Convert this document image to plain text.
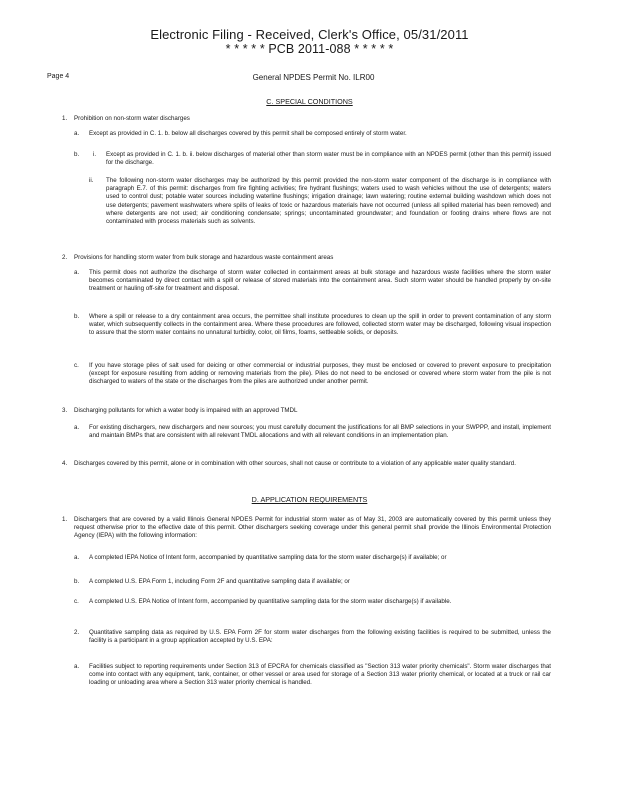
Electronic Filing - Received, Clerk's Office, 05/31/2011
* * * * * PCB 2011-088 * * * * *
Page 4	General NPDES Permit No. ILR00
C. SPECIAL CONDITIONS
1. Prohibition on non-storm water discharges
a. Except as provided in C. 1. b. below all discharges covered by this permit shall be composed entirely of storm water.
b. i. Except as provided in C. 1. b. ii. below discharges of material other than storm water must be in compliance with an NPDES permit (other than this permit) issued for the discharge.
ii. The following non-storm water discharges may be authorized by this permit provided the non-storm water component of the discharge is in compliance with paragraph E.7. of this permit: discharges from fire fighting activities; fire hydrant flushings; waters used to wash vehicles without the use of detergents; waters used to control dust; potable water sources including waterline flushings; irrigation drainage; lawn watering; routine external building washdown which does not use detergents; pavement washwaters where spills of leaks of toxic or hazardous materials have not occurred (unless all spilled material has been removed) and where detergents are not used; air conditioning condensate; springs; uncontaminated groundwater; and foundation or footing drains where flows are not contaminated with process materials such as solvents.
2. Provisions for handling storm water from bulk storage and hazardous waste containment areas
a. This permit does not authorize the discharge of storm water collected in containment areas at bulk storage and hazardous waste facilities where the storm water becomes contaminated by direct contact with a spill or release of stored materials into the containment area. Such storm water should be handled properly by on-site treatment or hauling off-site for treatment and disposal.
b. Where a spill or release to a dry containment area occurs, the permittee shall institute procedures to clean up the spill in order to prevent contamination of any storm water, which subsequently collects in the containment area. Where these procedures are followed, collected storm water may be discharged, following visual inspection to assure that the storm water contains no unnatural turbidity, color, oil films, foams, settleable solids, or deposits.
c. If you have storage piles of salt used for deicing or other commercial or industrial purposes, they must be enclosed or covered to prevent exposure to precipitation (except for exposure resulting from adding or removing materials from the pile). Piles do not need to be enclosed or covered where storm water from the pile is not discharged to waters of the state or the discharges from the piles are authorized under another permit.
3. Discharging pollutants for which a water body is impaired with an approved TMDL
a. For existing dischargers, new dischargers and new sources; you must carefully document the justifications for all BMP selections in your SWPPP, and install, implement and maintain BMPs that are consistent with all relevant TMDL allocations and with all relevant conditions in an implementation plan.
4. Discharges covered by this permit, alone or in combination with other sources, shall not cause or contribute to a violation of any applicable water quality standard.
D. APPLICATION REQUIREMENTS
1. Dischargers that are covered by a valid Illinois General NPDES Permit for industrial storm water as of May 31, 2003 are automatically covered by this permit unless they request otherwise prior to the effective date of this permit. Other dischargers seeking coverage under this general permit shall provide the Illinois Environmental Protection Agency (IEPA) with the following information:
a. A completed IEPA Notice of Intent form, accompanied by quantitative sampling data for the storm water discharge(s) if available; or
b. A completed U.S. EPA Form 1, including Form 2F and quantitative sampling data if available; or
c. A completed U.S. EPA Notice of Intent form, accompanied by quantitative sampling data for the storm water discharge(s) if available.
2. Quantitative sampling data as required by U.S. EPA Form 2F for storm water discharges from the following existing facilities is required to be submitted, unless the facility is a participant in a group application accepted by U.S. EPA:
a. Facilities subject to reporting requirements under Section 313 of EPCRA for chemicals classified as "Section 313 water priority chemicals". Storm water discharges that come into contact with any equipment, tank, container, or other vessel or area used for storage of a Section 313 water priority chemical, or located at a truck or rail car loading or unloading area where a Section 313 water priority chemical is handled.
